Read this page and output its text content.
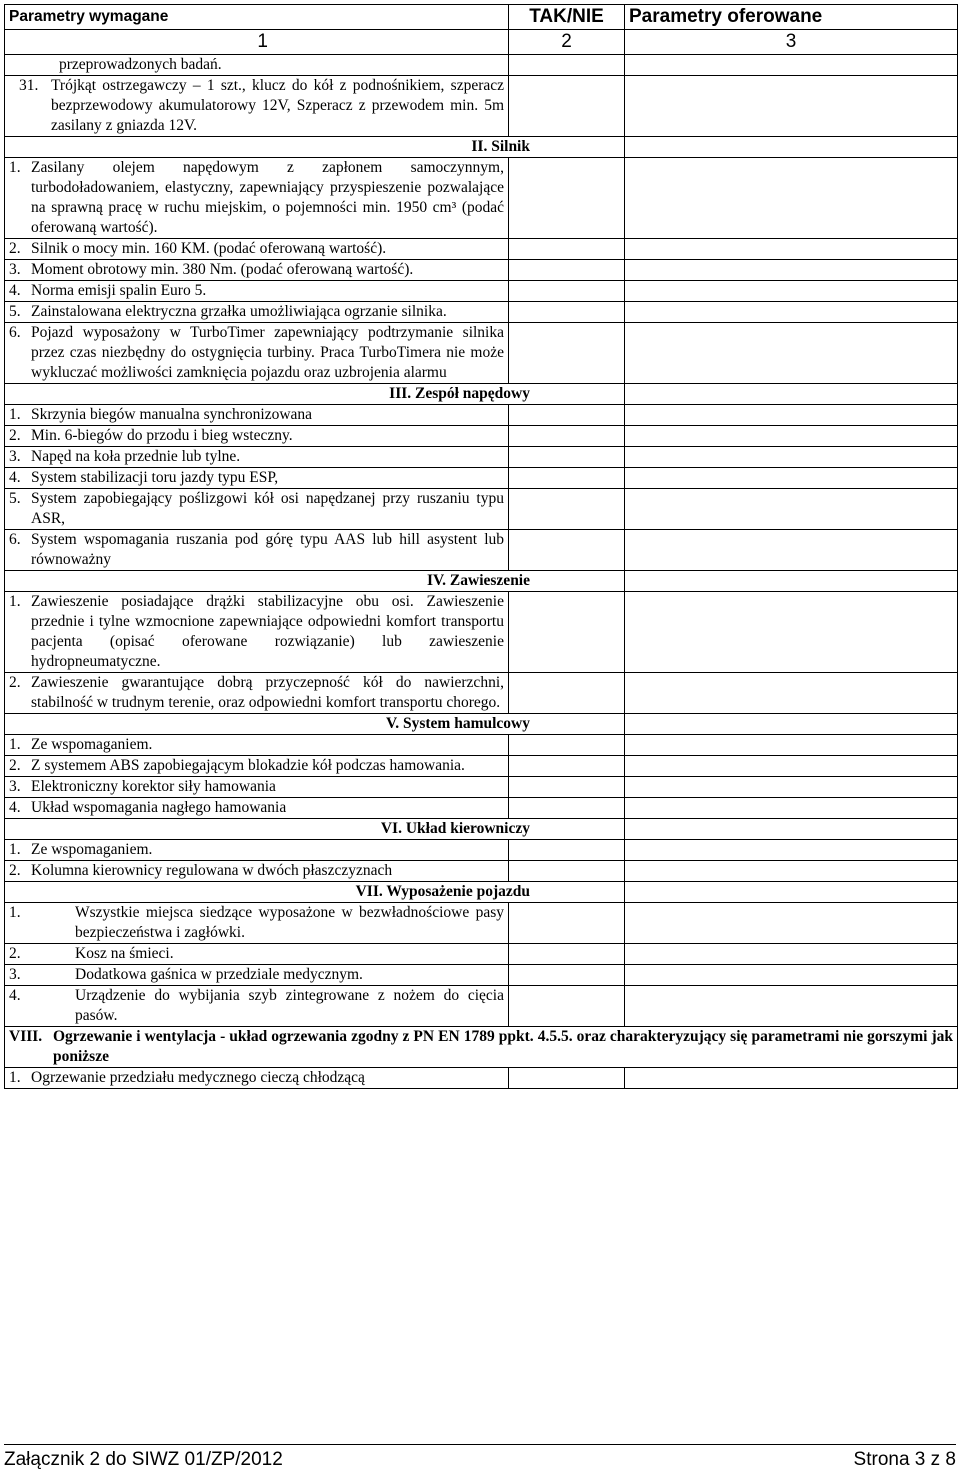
Parametry wymagane	TAK/NIE	Parametry oferowane
1	2	3
przeprowadzonych badań.		

31. Trójkąt ostrzegawczy – 1 szt., klucz do kół z podnośnikiem, szperacz bezprzewodowy akumulatorowy 12V, Szperacz z przewodem min. 5m zasilany z gniazda 12V.		

II. Silnik		

1. Zasilany olejem napędowym z zapłonem samoczynnym, turbodoładowaniem, elastyczny, zapewniający przyspieszenie pozwalające na sprawną pracę w ruchu miejskim, o pojemności min. 1950 cm³ (podać oferowaną wartość).		

2. Silnik o mocy min. 160 KM. (podać oferowaną wartość).		

3. Moment obrotowy min. 380 Nm. (podać oferowaną wartość).		

4. Norma emisji spalin Euro 5.		

5. Zainstalowana elektryczna grzałka umożliwiająca ogrzanie silnika.		

6. Pojazd wyposażony w TurboTimer zapewniający podtrzymanie silnika przez czas niezbędny do ostygnięcia turbiny. Praca TurboTimera nie może wykluczać możliwości zamknięcia pojazdu oraz uzbrojenia alarmu		

III. Zespół napędowy		

1. Skrzynia biegów manualna synchronizowana		

2. Min. 6-biegów do przodu i bieg wsteczny.		

3. Napęd na koła przednie lub tylne.		

4. System stabilizacji toru jazdy typu ESP,		

5. System zapobiegający poślizgowi kół osi napędzanej przy ruszaniu typu ASR,		

6. System wspomagania ruszania pod górę typu AAS lub hill asystent lub równoważny		

IV. Zawieszenie		

1. Zawieszenie posiadające drążki stabilizacyjne obu osi. Zawieszenie przednie i tylne wzmocnione zapewniające odpowiedni komfort transportu pacjenta (opisać oferowane rozwiązanie) lub zawieszenie hydropneumatyczne.		

2. Zawieszenie gwarantujące dobrą przyczepność kół do nawierzchni, stabilność w trudnym terenie, oraz odpowiedni komfort transportu chorego.		

V. System hamulcowy		

1. Ze wspomaganiem.		

2. Z systemem ABS zapobiegającym blokadzie kół podczas hamowania.		

3. Elektroniczny korektor siły hamowania		

4. Układ wspomagania nagłego hamowania		

VI. Układ kierowniczy		

1. Ze wspomaganiem.		

2. Kolumna kierownicy regulowana w dwóch płaszczyznach		

VII. Wyposażenie pojazdu		

1. Wszystkie miejsca siedzące wyposażone w bezwładnościowe pasy bezpieczeństwa i zagłówki.		

2. Kosz na śmieci.		

3. Dodatkowa gaśnica w przedziale medycznym.		

4. Urządzenie do wybijania szyb zintegrowane z nożem do cięcia pasów.		

VIII. Ogrzewanie i wentylacja - układ ogrzewania zgodny z PN EN 1789 ppkt. 4.5.5. oraz charakteryzujący się parametrami nie gorszymi jak poniższe		

1. Ogrzewanie przedziału medycznego cieczą chłodzącą		

Załącznik 2 do SIWZ 01/ZP/2012	Strona 3 z 8
